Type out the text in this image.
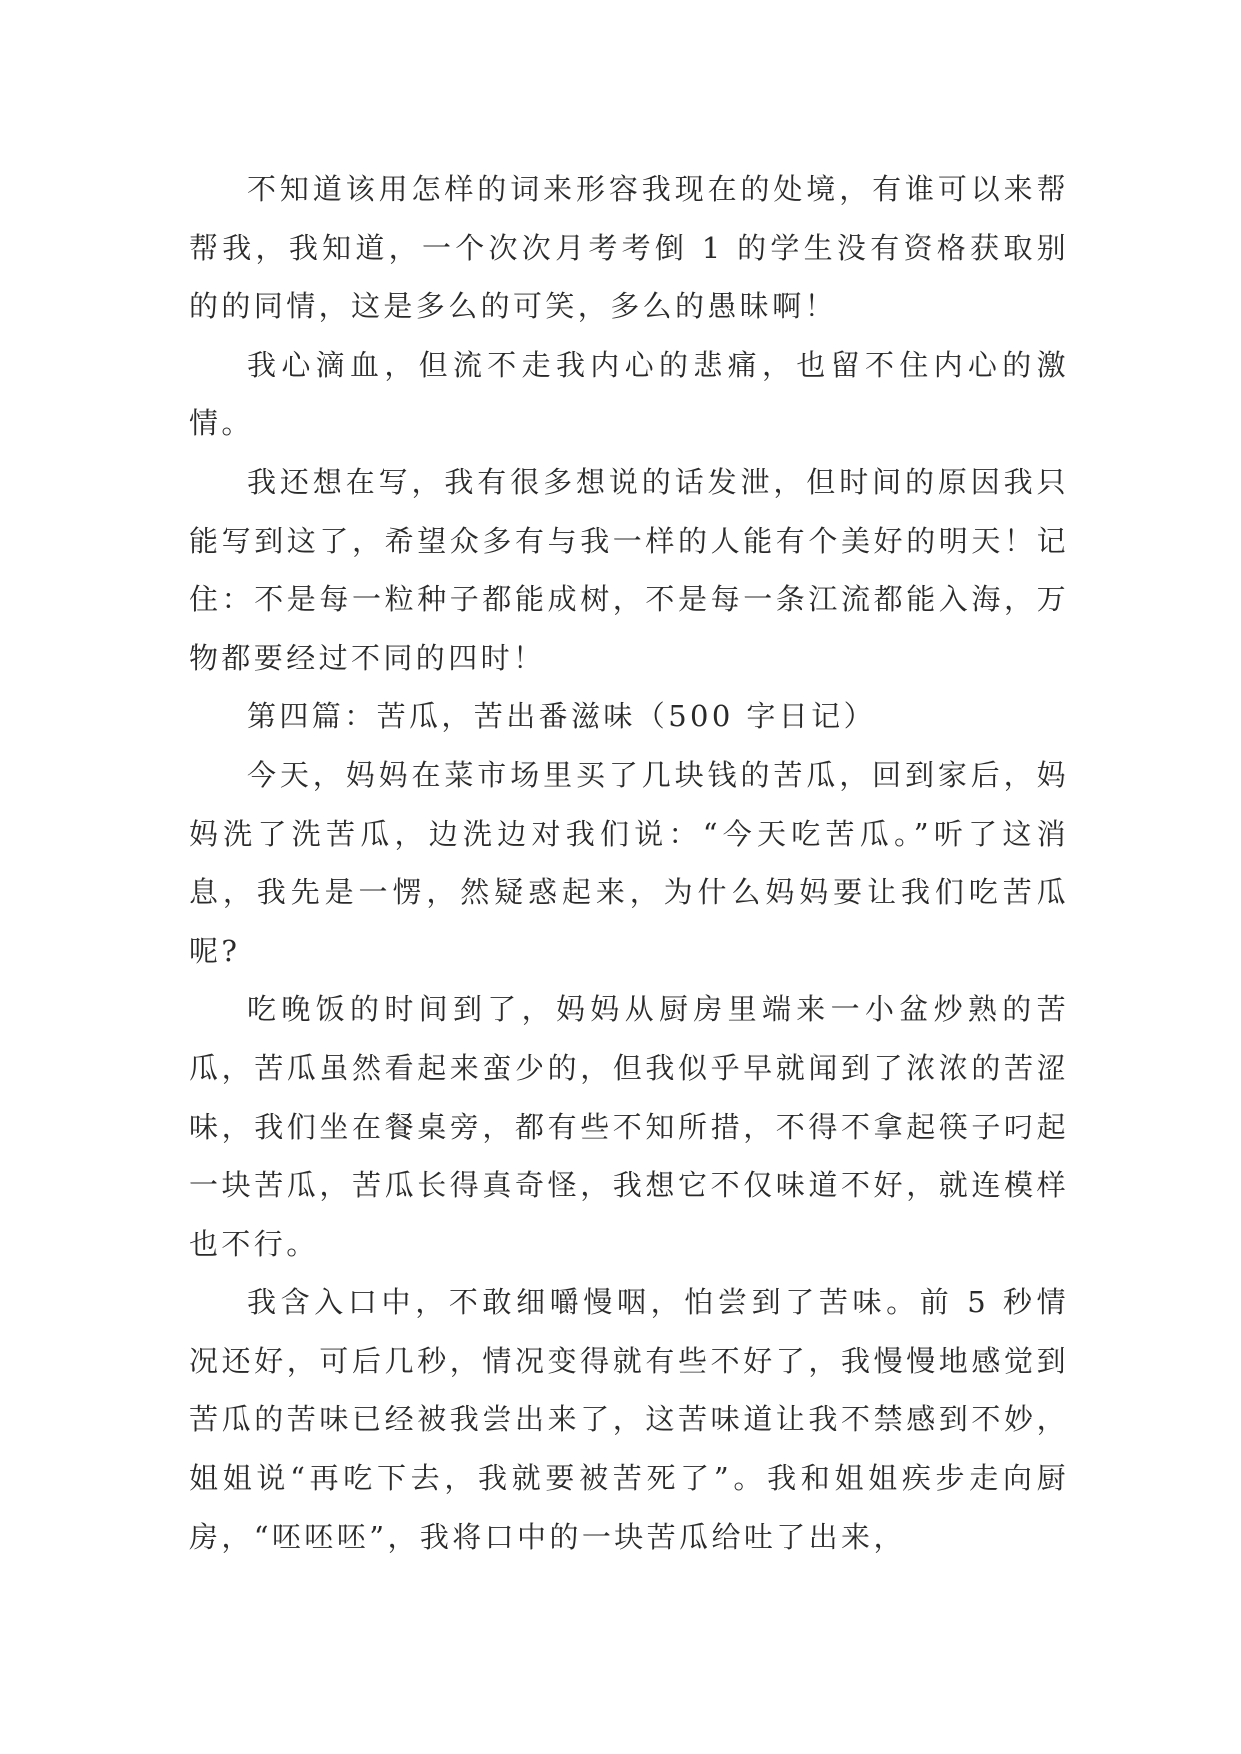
不知道该用怎样的词来形容我现在的处境，有谁可以来帮帮我，我知道，一个次次月考考倒 1 的学生没有资格获取别的的同情，这是多么的可笑，多么的愚昧啊！

我心滴血，但流不走我内心的悲痛，也留不住内心的激情。

我还想在写，我有很多想说的话发泄，但时间的原因我只能写到这了，希望众多有与我一样的人能有个美好的明天！记住：不是每一粒种子都能成树，不是每一条江流都能入海，万物都要经过不同的四时！

第四篇：苦瓜，苦出番滋味（500 字日记）

今天，妈妈在菜市场里买了几块钱的苦瓜，回到家后，妈妈洗了洗苦瓜，边洗边对我们说：“今天吃苦瓜。”听了这消息，我先是一愣，然疑惑起来，为什么妈妈要让我们吃苦瓜呢?

吃晚饭的时间到了，妈妈从厨房里端来一小盆炒熟的苦瓜，苦瓜虽然看起来蛮少的，但我似乎早就闻到了浓浓的苦涩味，我们坐在餐桌旁，都有些不知所措，不得不拿起筷子叼起一块苦瓜，苦瓜长得真奇怪，我想它不仅味道不好，就连模样也不行。

我含入口中，不敢细嚼慢咽，怕尝到了苦味。前 5 秒情况还好，可后几秒，情况变得就有些不好了，我慢慢地感觉到苦瓜的苦味已经被我尝出来了，这苦味道让我不禁感到不妙，姐姐说“再吃下去，我就要被苦死了”。我和姐姐疾步走向厨房，“呸呸呸”，我将口中的一块苦瓜给吐了出来，
